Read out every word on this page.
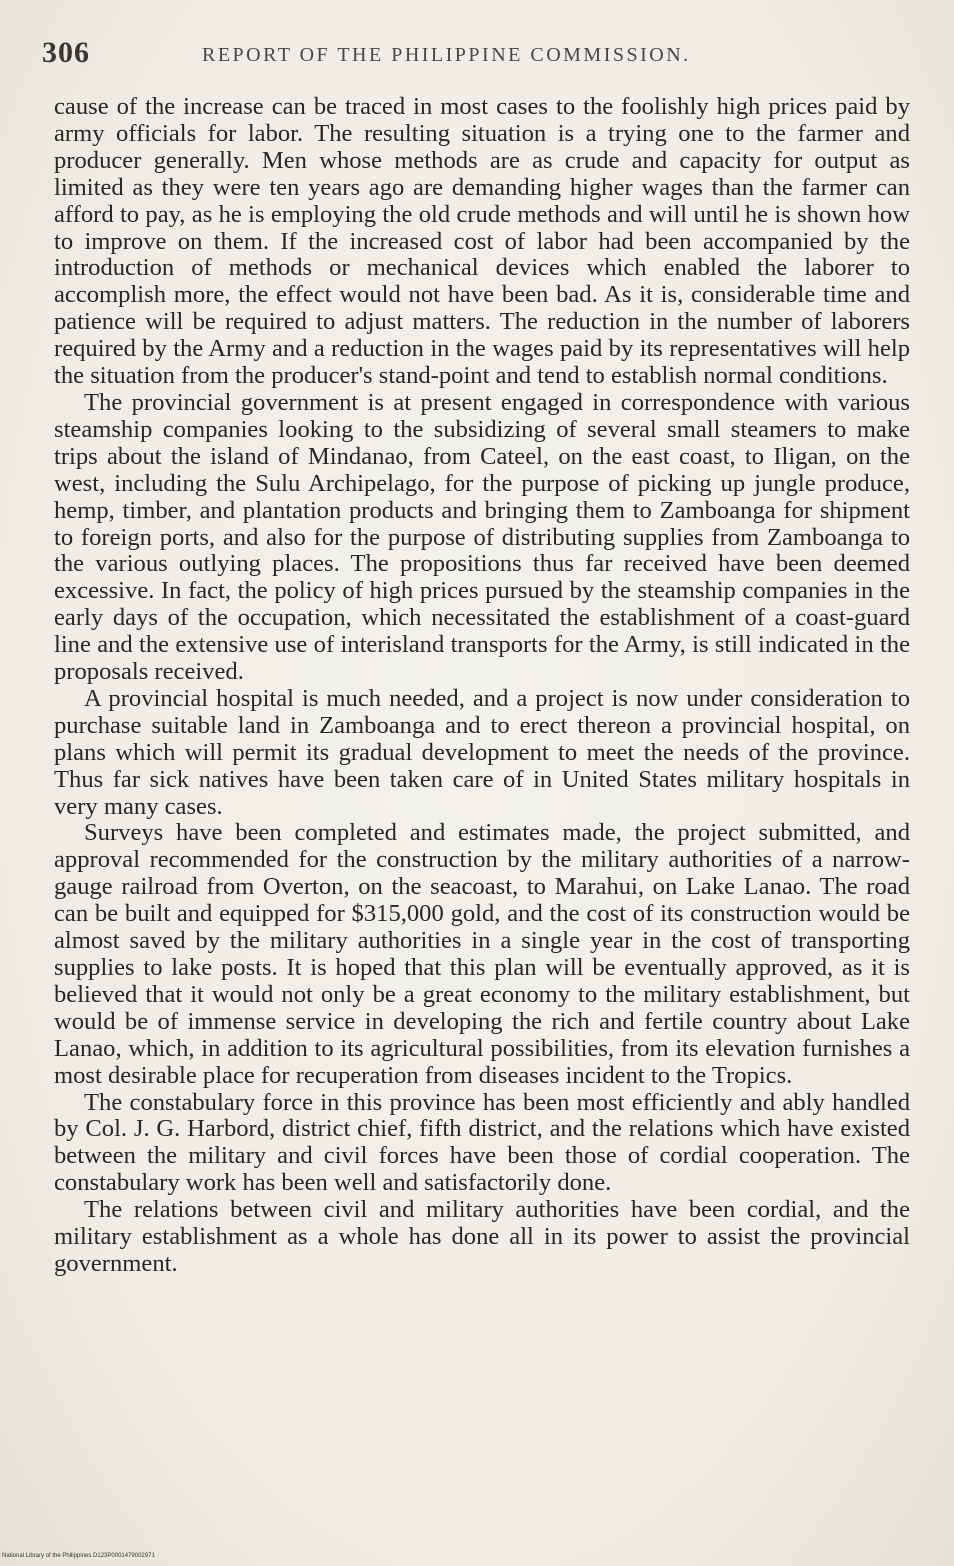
306	REPORT OF THE PHILIPPINE COMMISSION.

cause of the increase can be traced in most cases to the foolishly high prices paid by army officials for labor. The resulting situation is a trying one to the farmer and producer generally. Men whose methods are as crude and capacity for output as limited as they were ten years ago are demanding higher wages than the farmer can afford to pay, as he is employing the old crude methods and will until he is shown how to improve on them. If the increased cost of labor had been accompanied by the introduction of methods or mechanical devices which enabled the laborer to accomplish more, the effect would not have been bad. As it is, considerable time and patience will be required to adjust matters. The reduction in the number of laborers required by the Army and a reduction in the wages paid by its representatives will help the situation from the producer's stand-point and tend to establish normal conditions.

The provincial government is at present engaged in correspondence with various steamship companies looking to the subsidizing of several small steamers to make trips about the island of Mindanao, from Cateel, on the east coast, to Iligan, on the west, including the Sulu Archipelago, for the purpose of picking up jungle produce, hemp, timber, and plantation products and bringing them to Zamboanga for shipment to foreign ports, and also for the purpose of distributing supplies from Zamboanga to the various outlying places. The propositions thus far received have been deemed excessive. In fact, the policy of high prices pursued by the steamship companies in the early days of the occupation, which necessitated the establishment of a coast-guard line and the extensive use of interisland transports for the Army, is still indicated in the proposals received.

A provincial hospital is much needed, and a project is now under consideration to purchase suitable land in Zamboanga and to erect thereon a provincial hospital, on plans which will permit its gradual development to meet the needs of the province. Thus far sick natives have been taken care of in United States military hospitals in very many cases.

Surveys have been completed and estimates made, the project submitted, and approval recommended for the construction by the military authorities of a narrow-gauge railroad from Overton, on the seacoast, to Marahui, on Lake Lanao. The road can be built and equipped for $315,000 gold, and the cost of its construction would be almost saved by the military authorities in a single year in the cost of transporting supplies to lake posts. It is hoped that this plan will be eventually approved, as it is believed that it would not only be a great economy to the military establishment, but would be of immense service in developing the rich and fertile country about Lake Lanao, which, in addition to its agricultural possibilities, from its elevation furnishes a most desirable place for recuperation from diseases incident to the Tropics.

The constabulary force in this province has been most efficiently and ably handled by Col. J. G. Harbord, district chief, fifth district, and the relations which have existed between the military and civil forces have been those of cordial cooperation. The constabulary work has been well and satisfactorily done.

The relations between civil and military authorities have been cordial, and the military establishment as a whole has done all in its power to assist the provincial government.

National Library of the Philippines D123P0001479002971
